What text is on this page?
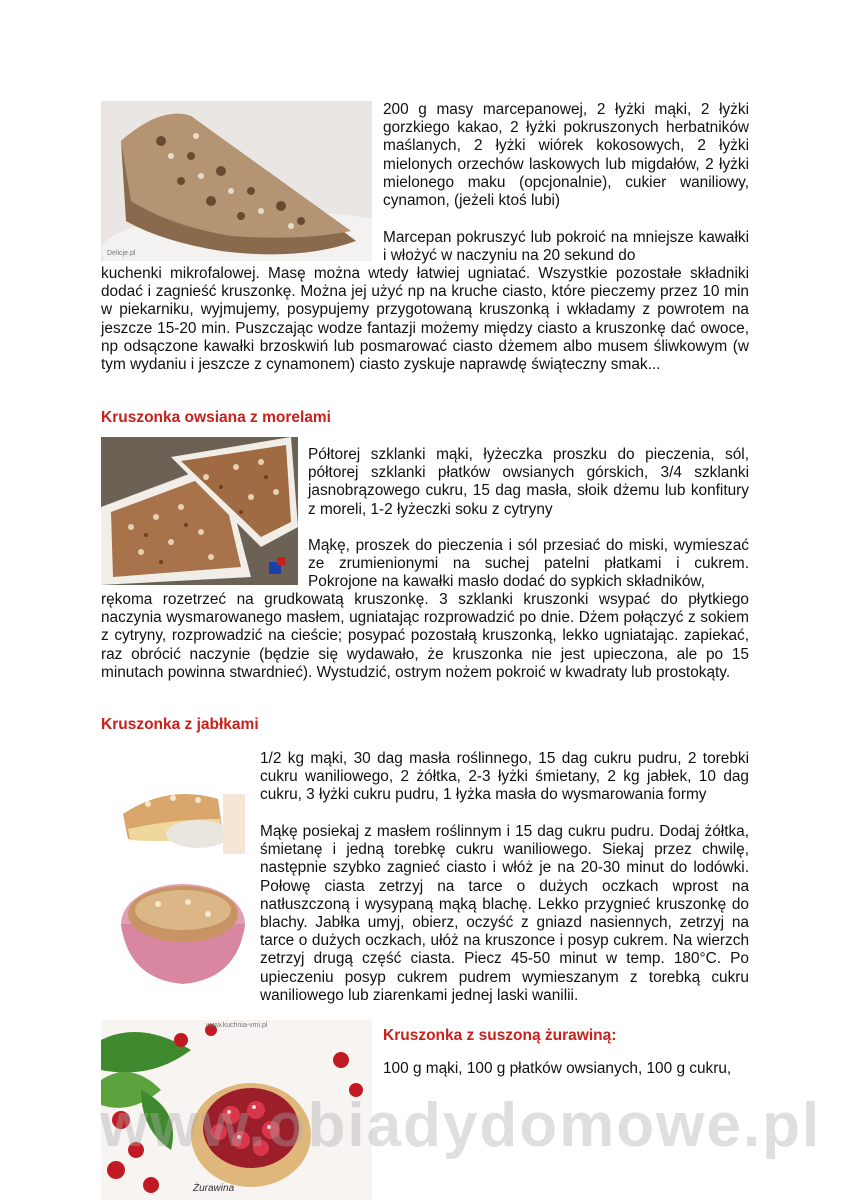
Delicje.pl

200 g masy marcepanowej, 2 łyżki mąki, 2 łyżki gorzkiego kakao, 2 łyżki pokruszonych herbatników maślanych, 2 łyżki wiórek kokosowych, 2 łyżki mielonych orzechów laskowych lub migdałów, 2 łyżki mielonego maku (opcjonalnie), cukier waniliowy, cynamon, (jeżeli ktoś lubi)

Marcepan pokruszyć lub pokroić na mniejsze kawałki i włożyć w naczyniu na 20 sekund do

kuchenki mikrofalowej. Masę można wtedy łatwiej ugniatać. Wszystkie pozostałe składniki dodać i zagnieść kruszonkę. Można jej użyć np na kruche ciasto, które pieczemy przez 10 min w piekarniku, wyjmujemy, posypujemy przygotowaną kruszonką i wkładamy z powrotem na jeszcze 15-20 min. Puszczając wodze fantazji możemy między ciasto a kruszonkę dać owoce, np odsączone kawałki brzoskwiń lub posmarować ciasto dżemem albo musem śliwkowym (w tym wydaniu i jeszcze z cynamonem) ciasto zyskuje naprawdę świąteczny smak...

Kruszonka owsiana z morelami

Półtorej szklanki mąki, łyżeczka proszku do pieczenia, sól, półtorej szklanki płatków owsianych górskich, 3/4 szklanki jasnobrązowego cukru, 15 dag masła, słoik dżemu lub konfitury z moreli, 1-2 łyżeczki soku z cytryny

Mąkę, proszek do pieczenia i sól przesiać do miski, wymieszać ze zrumienionymi na suchej patelni płatkami i cukrem. Pokrojone na kawałki masło dodać do sypkich składników,

rękoma rozetrzeć na grudkowatą kruszonkę. 3 szklanki kruszonki wsypać do płytkiego naczynia wysmarowanego masłem, ugniatając rozprowadzić po dnie. Dżem połączyć z sokiem z cytryny, rozprowadzić na cieście; posypać pozostałą kruszonką, lekko ugniatając. zapiekać, raz obrócić naczynie (będzie się wydawało, że kruszonka nie jest upieczona, ale po 15 minutach powinna stwardnieć). Wystudzić, ostrym nożem pokroić w kwadraty lub prostokąty.

Kruszonka z jabłkami

1/2 kg mąki, 30 dag masła roślinnego, 15 dag cukru pudru, 2 torebki cukru waniliowego, 2 żółtka, 2-3 łyżki śmietany, 2 kg jabłek, 10 dag cukru, 3 łyżki cukru pudru, 1 łyżka masła do wysmarowania formy

Mąkę posiekaj z masłem roślinnym i 15 dag cukru pudru. Dodaj żółtka, śmietanę i jedną torebkę cukru waniliowego. Siekaj przez chwilę, następnie szybko zagnieć ciasto i włóż je na 20-30 minut do lodówki. Połowę ciasta zetrzyj na tarce o dużych oczkach wprost na natłuszczoną i wysypaną mąką blachę. Lekko przygnieć kruszonkę do blachy. Jabłka umyj, obierz, oczyść z gniazd nasiennych, zetrzyj na tarce o dużych oczkach, ułóż na kruszonce i posyp cukrem. Na wierzch zetrzyj drugą część ciasta. Piecz 45-50 minut w temp. 180°C. Po upieczeniu posyp cukrem pudrem wymieszanym z torebką cukru waniliowego lub ziarenkami jednej laski wanilii.

www.kuchnia-vmi.pl
Żurawina
Kruszonka z suszoną żurawiną:

100 g mąki, 100 g płatków owsianych, 100 g cukru,

www.obiadydomowe.pl
